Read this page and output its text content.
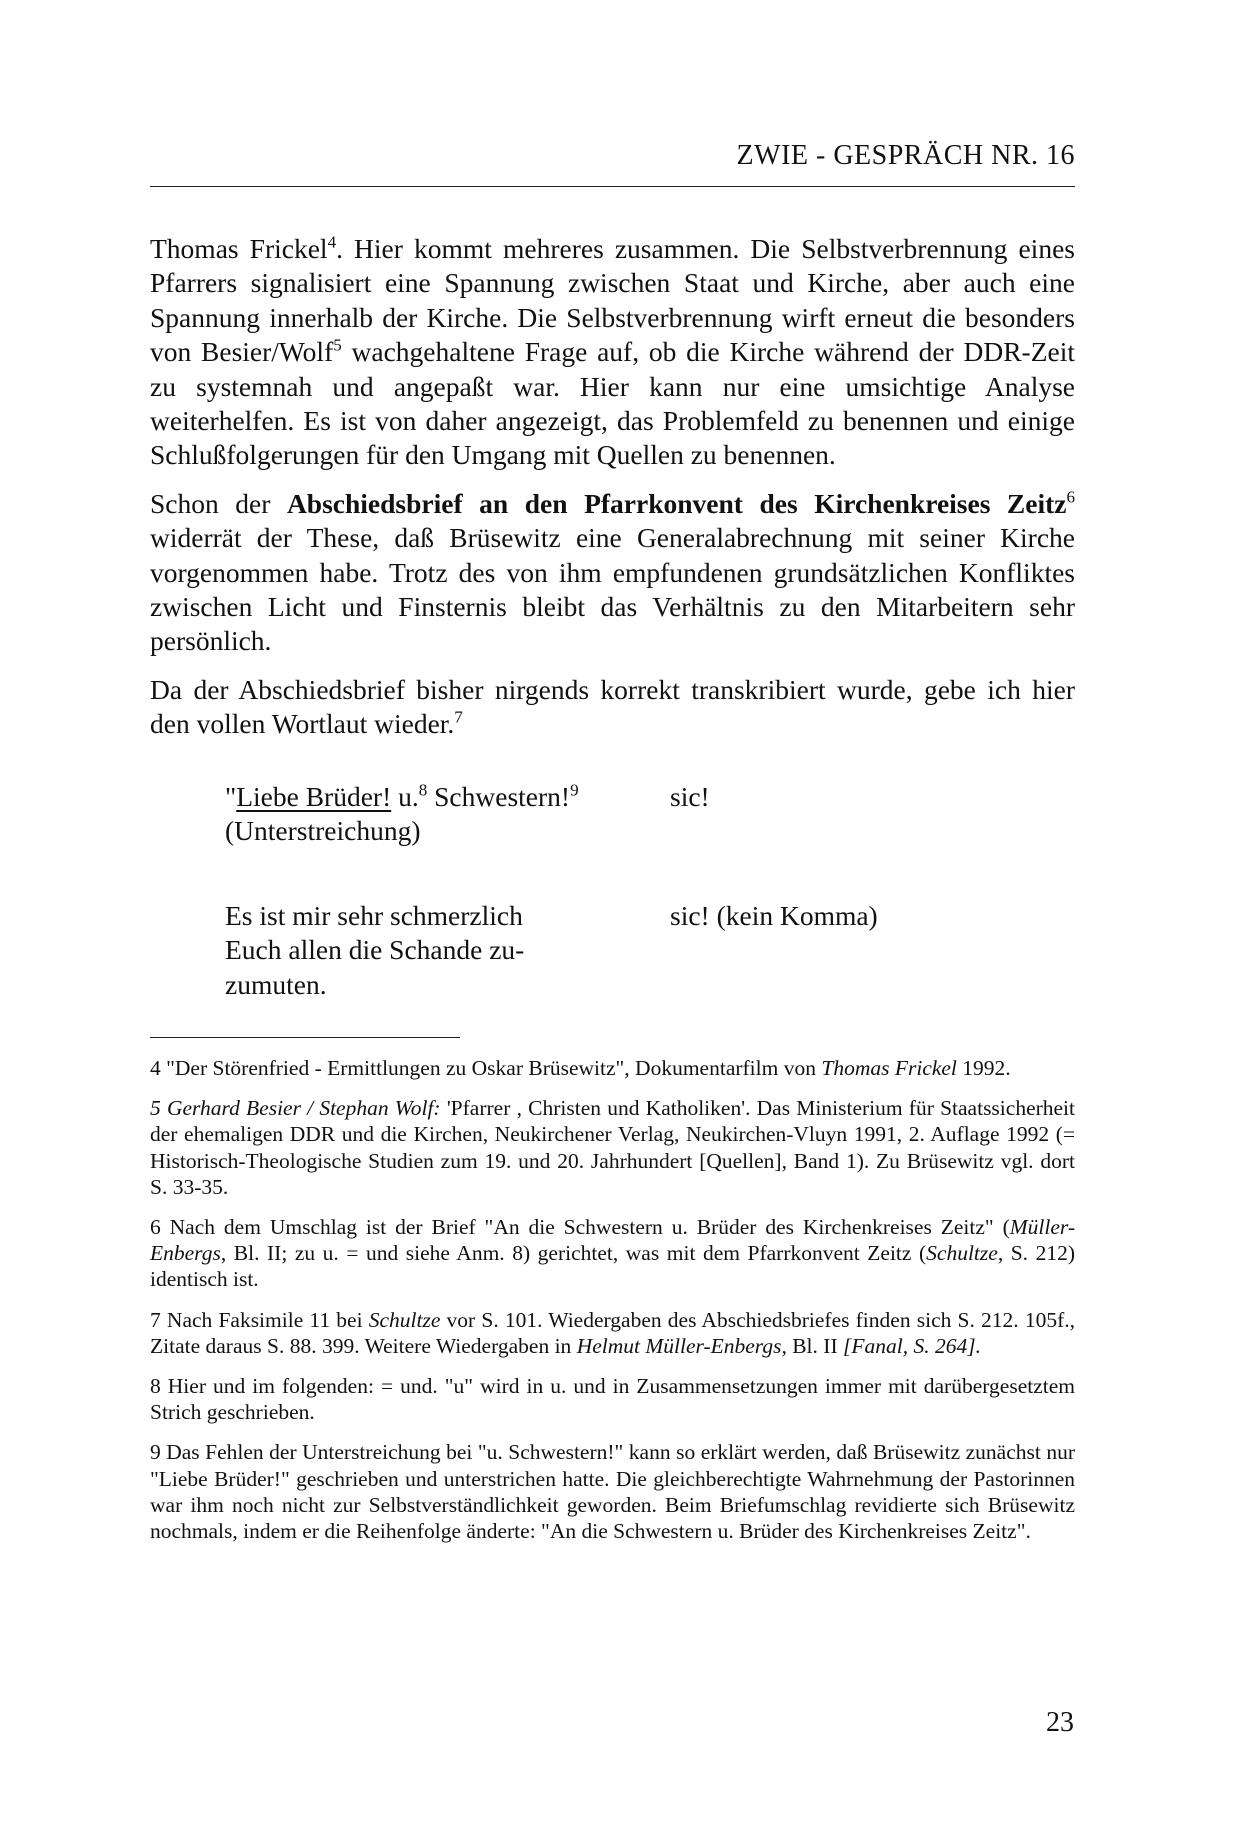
ZWIE - GESPRÄCH NR. 16

Thomas Frickel$^4$. Hier kommt mehreres zusammen. Die Selbstverbrennung eines Pfarrers signalisiert eine Spannung zwischen Staat und Kirche, aber auch eine Spannung innerhalb der Kirche. Die Selbstverbrennung wirft erneut die besonders von Besier/Wolf$^5$ wachgehaltene Frage auf, ob die Kirche während der DDR-Zeit zu systemnah und angepaßt war. Hier kann nur eine umsichtige Analyse weiterhelfen. Es ist von daher angezeigt, das Problemfeld zu benennen und einige Schlußfolgerungen für den Umgang mit Quellen zu benennen.

Schon der Abschiedsbrief an den Pfarrkonvent des Kirchenkreises Zeitz$^6$ widerrät der These, daß Brüsewitz eine Generalabrechnung mit seiner Kirche vorgenommen habe. Trotz des von ihm empfundenen grundsätzlichen Konfliktes zwischen Licht und Finsternis bleibt das Verhältnis zu den Mitarbeitern sehr persönlich.

Da der Abschiedsbrief bisher nirgends korrekt transkribiert wurde, gebe ich hier den vollen Wortlaut wieder.$^7$

"Liebe Brüder! u.$^8$ Schwestern!$^9$	sic!
(Unterstreichung)
Es ist mir sehr schmerzlich
Euch allen die Schande zu-
zumuten.
sic! (kein Komma)

4 "Der Störenfried - Ermittlungen zu Oskar Brüsewitz", Dokumentarfilm von Thomas Frickel 1992.

5 Gerhard Besier / Stephan Wolf: 'Pfarrer , Christen und Katholiken'. Das Ministerium für Staatssicherheit der ehemaligen DDR und die Kirchen, Neukirchener Verlag, Neukirchen-Vluyn 1991, 2. Auflage 1992 (= Historisch-Theologische Studien zum 19. und 20. Jahrhundert [Quellen], Band 1). Zu Brüsewitz vgl. dort S. 33-35.

6 Nach dem Umschlag ist der Brief "An die Schwestern u. Brüder des Kirchenkreises Zeitz" (Müller-Enbergs, Bl. II; zu u. = und siehe Anm. 8) gerichtet, was mit dem Pfarrkonvent Zeitz (Schultze, S. 212) identisch ist.

7 Nach Faksimile 11 bei Schultze vor S. 101. Wiedergaben des Abschiedsbriefes finden sich S. 212. 105f., Zitate daraus S. 88. 399. Weitere Wiedergaben in Helmut Müller-Enbergs, Bl. II [Fanal, S. 264].

8 Hier und im folgenden: = und. "u" wird in u. und in Zusammensetzungen immer mit darübergesetztem Strich geschrieben.

9 Das Fehlen der Unterstreichung bei "u. Schwestern!" kann so erklärt werden, daß Brüsewitz zunächst nur "Liebe Brüder!" geschrieben und unterstrichen hatte. Die gleichberechtigte Wahrnehmung der Pastorinnen war ihm noch nicht zur Selbstverständlichkeit geworden. Beim Briefumschlag revidierte sich Brüsewitz nochmals, indem er die Reihenfolge änderte: "An die Schwestern u. Brüder des Kirchenkreises Zeitz".

23
